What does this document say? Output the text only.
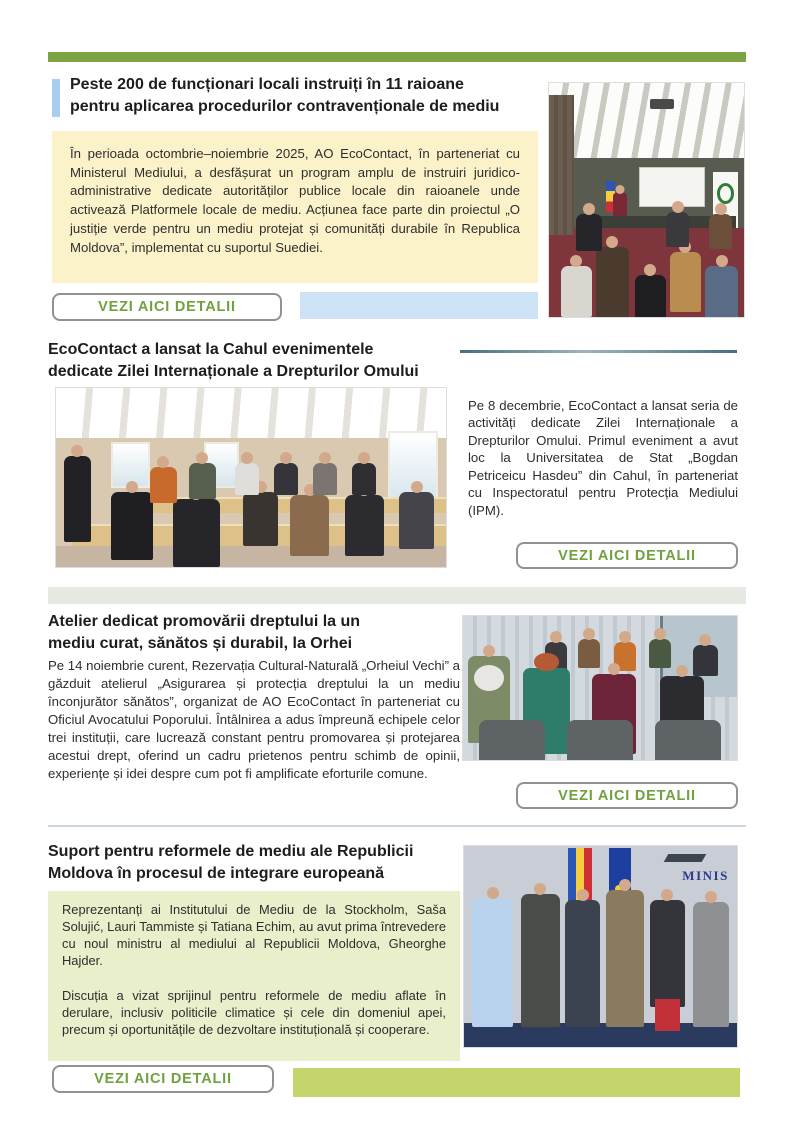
Peste 200 de funcționari locali instruiți în 11 raioane
pentru aplicarea procedurilor contravenționale de mediu
În perioada octombrie–noiembrie 2025, AO EcoContact, în parteneriat cu Ministerul Mediului, a desfășurat un program amplu de instruiri juridico-administrative dedicate autorităților publice locale din raioanele unde activează Platformele locale de mediu. Acțiunea face parte din proiectul „O justiție verde pentru un mediu protejat și comunități durabile în Republica Moldova”, implementat cu suportul Suediei.
VEZI AICI DETALII
EcoContact a lansat la Cahul evenimentele
dedicate Zilei Internaționale a Drepturilor Omului
Pe 8 decembrie, EcoContact a lansat seria de activități dedicate Zilei Internaționale a Drepturilor Omului. Primul eveniment a avut loc la Universitatea de Stat „Bogdan Petriceicu Hasdeu” din Cahul, în parteneriat cu Inspectoratul pentru Protecția Mediului (IPM).
VEZI AICI DETALII
Atelier dedicat promovării dreptului la un
mediu curat, sănătos și durabil, la Orhei
Pe 14 noiembrie curent, Rezervația Cultural-Naturală „Orheiul Vechi” a găzduit atelierul „Asigurarea și protecția dreptului la un mediu înconjurător sănătos”, organizat de AO EcoContact în parteneriat cu Oficiul Avocatului Poporului. Întâlnirea a adus împreună echipele celor trei instituții, care lucrează constant pentru promovarea și protejarea acestui drept, oferind un cadru prietenos pentru schimb de opinii, experiențe și idei despre cum pot fi amplificate eforturile comune.
VEZI AICI DETALII
Suport pentru reformele de mediu ale Republicii
Moldova în procesul de integrare europeană
Reprezentanți ai Institutului de Mediu de la Stockholm, Saša Solujić, Lauri Tammiste și Tatiana Echim, au avut prima întrevedere cu noul ministru al mediului al Republicii Moldova, Gheorghe Hajder.
Discuția a vizat sprijinul pentru reformele de mediu aflate în derulare, inclusiv politicile climatice și cele din domeniul apei, precum și oportunitățile de dezvoltare instituțională și cooperare.
MINIS
VEZI AICI DETALII
